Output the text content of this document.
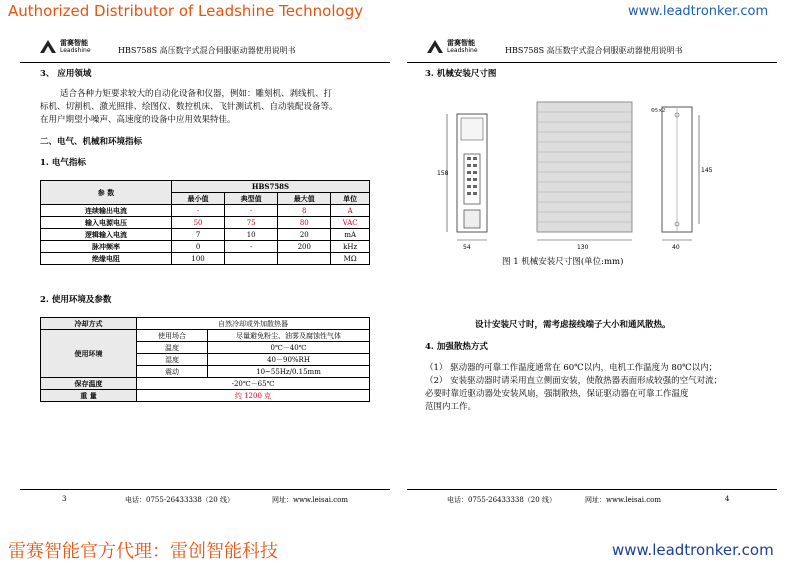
Authorized Distributor of Leadshine Technology	www.leadtronker.com
雷赛智能官方代理：雷创智能科技	www.leadtronker.com
雷赛智能
Leadshine	HBS758S 高压数字式混合伺服驱动器使用说明书
3、 应用领域
适合各种力矩要求较大的自动化设备和仪器，例如：雕刻机、剥线机、打
标机、切割机、激光照排、绘图仪、数控机床、飞针测试机、自动装配设备等。
在用户期望小噪声、高速度的设备中应用效果特佳。
二、电气、机械和环境指标
1. 电气指标
参 数	HBS758S			
	最小值	典型值	最大值	单位
连续输出电流	-	-	8	A
输入电源电压	50	75	80	VAC
逻辑输入电流	7	10	20	mA
脉冲频率	0	-	200	kHz
绝缘电阻	100			MΩ
2. 使用环境及参数
冷却方式	自然冷却或外加散热器	
使用环境	使用场合	尽量避免粉尘、油雾及腐蚀性气体
	温度	0℃－40℃
	湿度	40－90%RH
	震动	10~55Hz/0.15mm
保存温度	-20℃－65℃	
重 量	约 1200 克	
3	电话：0755-26433338（20 线）	网址：www.leisai.com
雷赛智能
Leadshine	HBS758S 高压数字式混合伺服驱动器使用说明书
3. 机械安装尺寸图
158
54	130
Φ5×2
145
40
图 1 机械安装尺寸图(单位:mm)
设计安装尺寸时，需考虑接线端子大小和通风散热。
4. 加强散热方式
（1） 驱动器的可靠工作温度通常在 60℃以内，电机工作温度为 80℃以内；
（2） 安装驱动器时请采用直立侧面安装，使散热器表面形成较强的空气对流；
必要时靠近驱动器处安装风扇，强制散热，保证驱动器在可靠工作温度
范围内工作。
电话：0755-26433338（20 线）	网址：www.leisai.com	4
